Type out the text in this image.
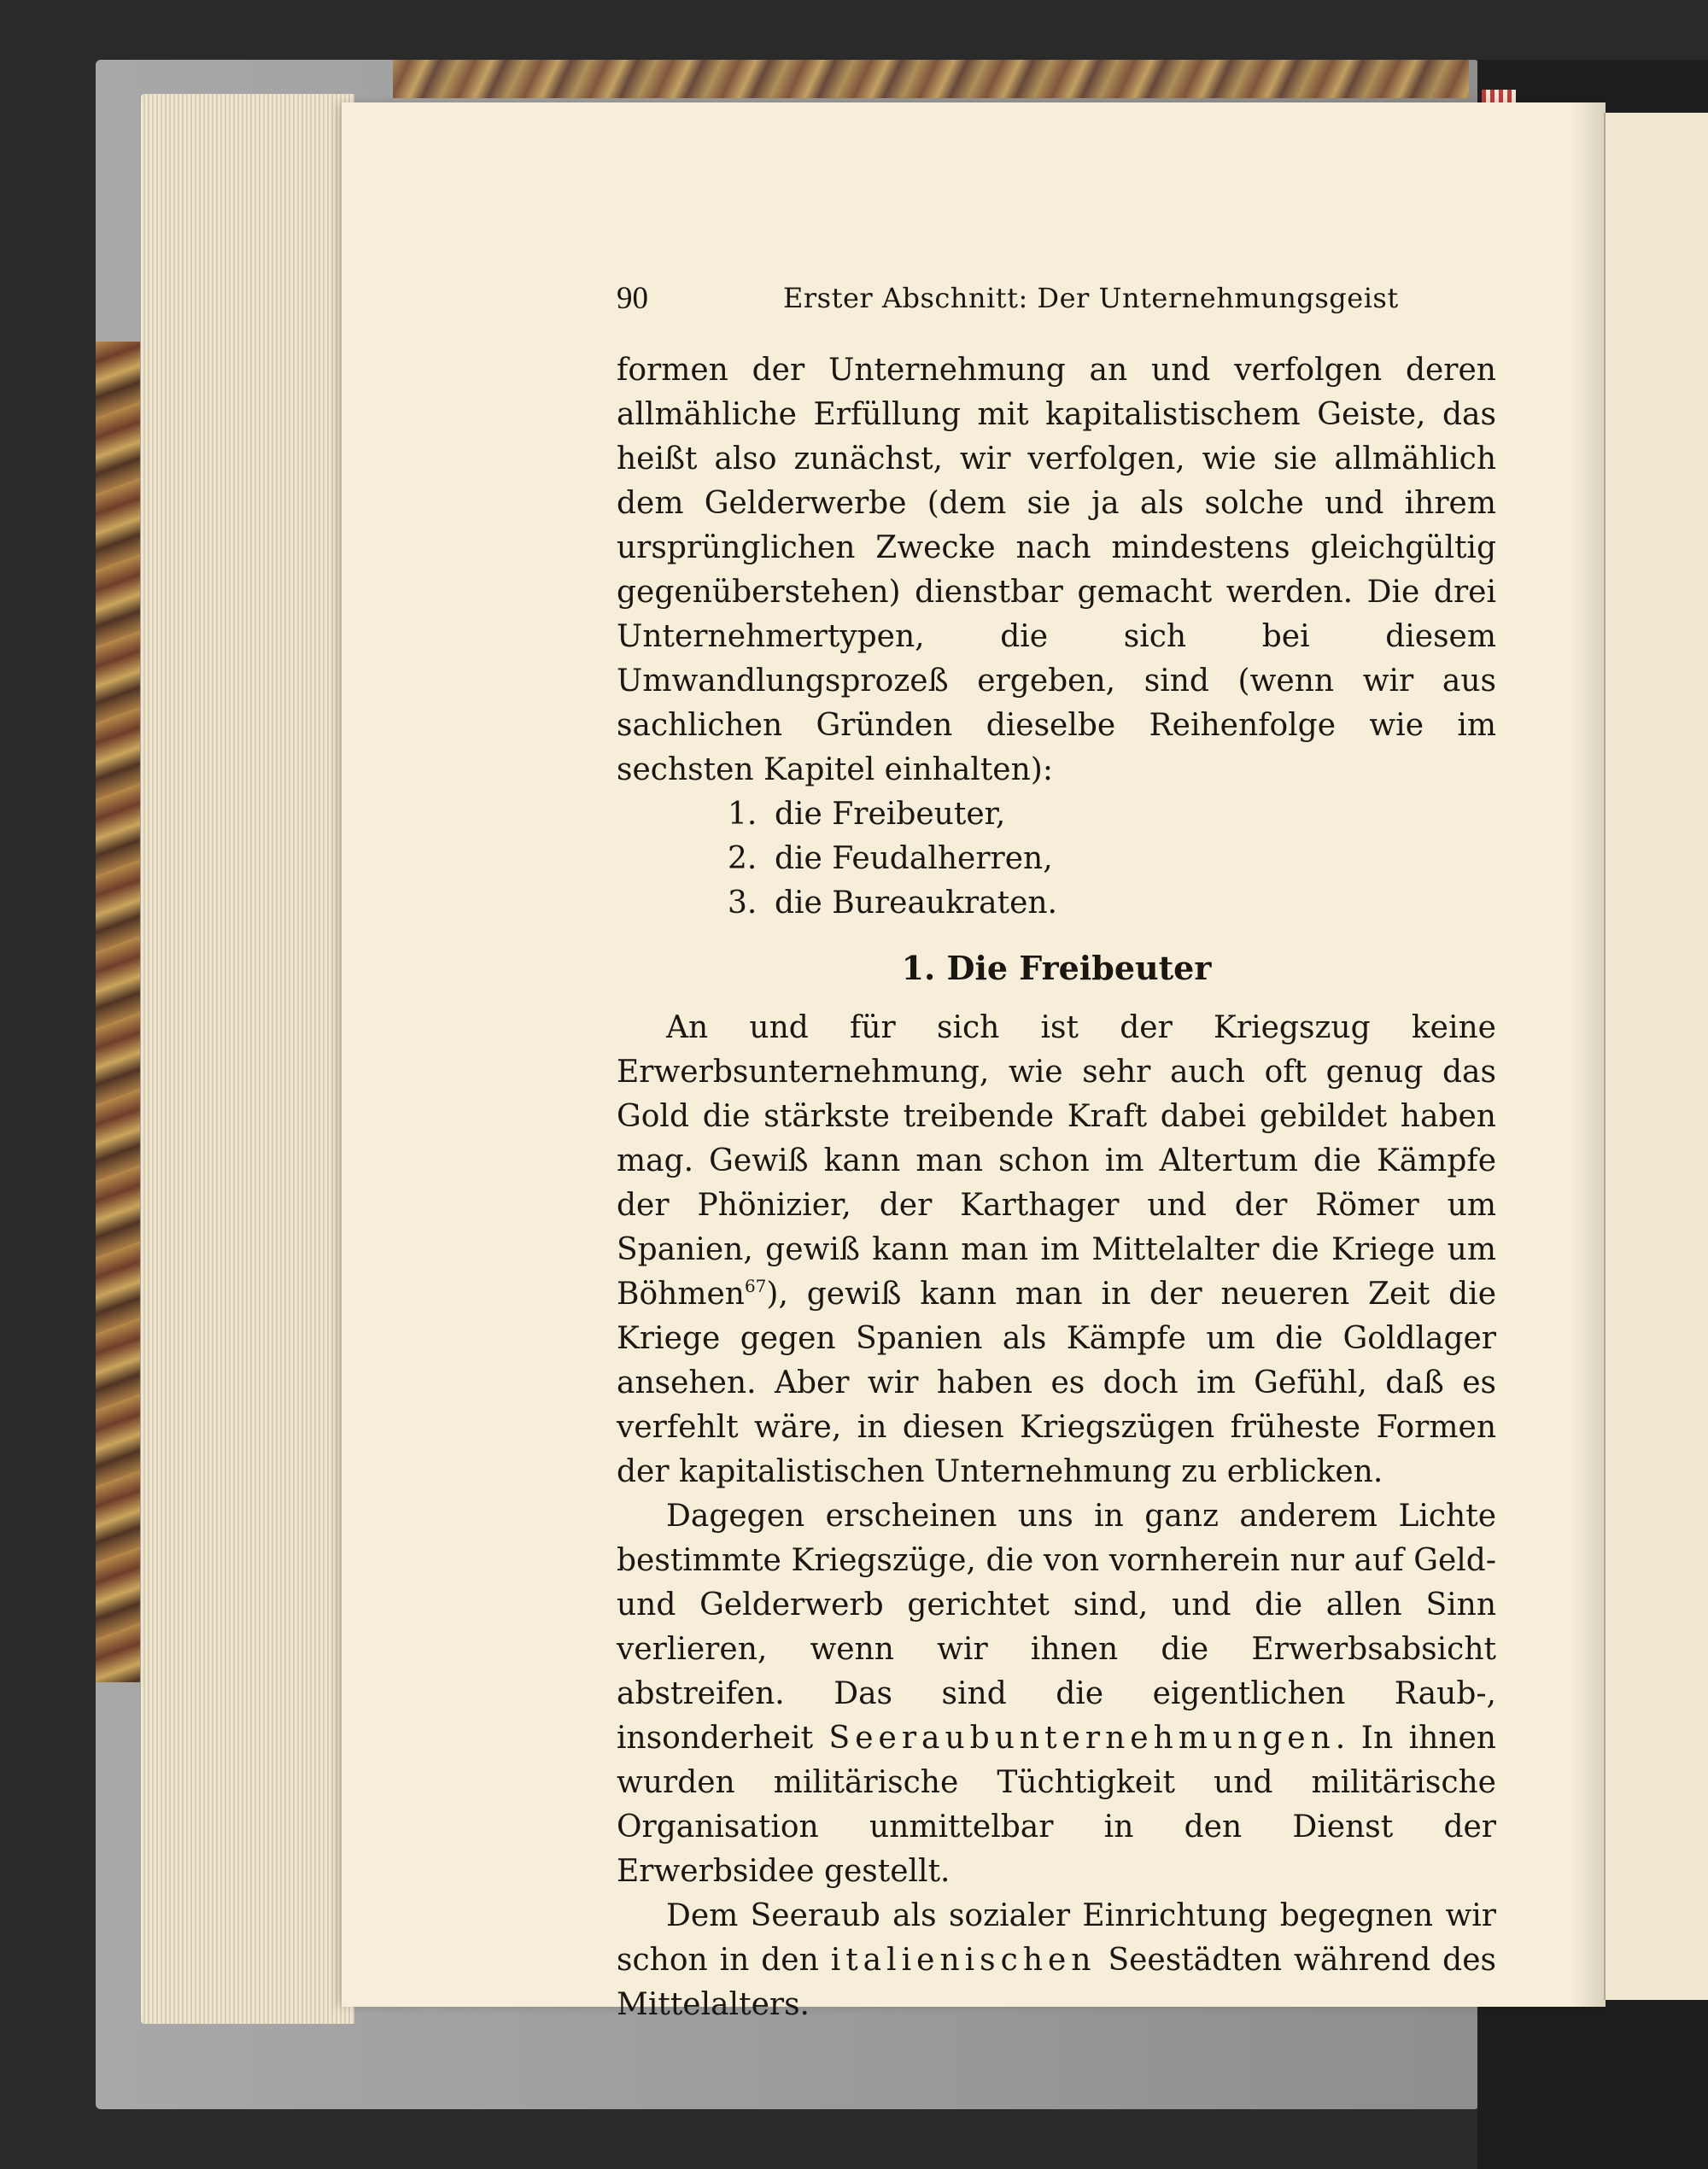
90	Erster Abschnitt: Der Unternehmungsgeist

formen der Unternehmung an und verfolgen deren allmähliche Erfüllung mit kapitalistischem Geiste, das heißt also zunächst, wir verfolgen, wie sie allmählich dem Gelderwerbe (dem sie ja als solche und ihrem ursprünglichen Zwecke nach mindestens gleichgültig gegenüberstehen) dienstbar gemacht werden. Die drei Unternehmertypen, die sich bei diesem Umwandlungsprozeß ergeben, sind (wenn wir aus sachlichen Gründen dieselbe Reihenfolge wie im sechsten Kapitel einhalten):

1. die Freibeuter,
2. die Feudalherren,
3. die Bureaukraten.
1. Die Freibeuter

An und für sich ist der Kriegszug keine Erwerbsunternehmung, wie sehr auch oft genug das Gold die stärkste treibende Kraft dabei gebildet haben mag. Gewiß kann man schon im Altertum die Kämpfe der Phönizier, der Karthager und der Römer um Spanien, gewiß kann man im Mittelalter die Kriege um Böhmen$^{67}$), gewiß kann man in der neueren Zeit die Kriege gegen Spanien als Kämpfe um die Goldlager ansehen. Aber wir haben es doch im Gefühl, daß es verfehlt wäre, in diesen Kriegszügen früheste Formen der kapitalistischen Unternehmung zu erblicken.

Dagegen erscheinen uns in ganz anderem Lichte bestimmte Kriegszüge, die von vornherein nur auf Geld- und Gelderwerb gerichtet sind, und die allen Sinn verlieren, wenn wir ihnen die Erwerbsabsicht abstreifen. Das sind die eigentlichen Raub-, insonderheit Seeraubunternehmungen. In ihnen wurden militärische Tüchtigkeit und militärische Organisation unmittelbar in den Dienst der Erwerbsidee gestellt.

Dem Seeraub als sozialer Einrichtung begegnen wir schon in den italienischen Seestädten während des Mittelalters.
